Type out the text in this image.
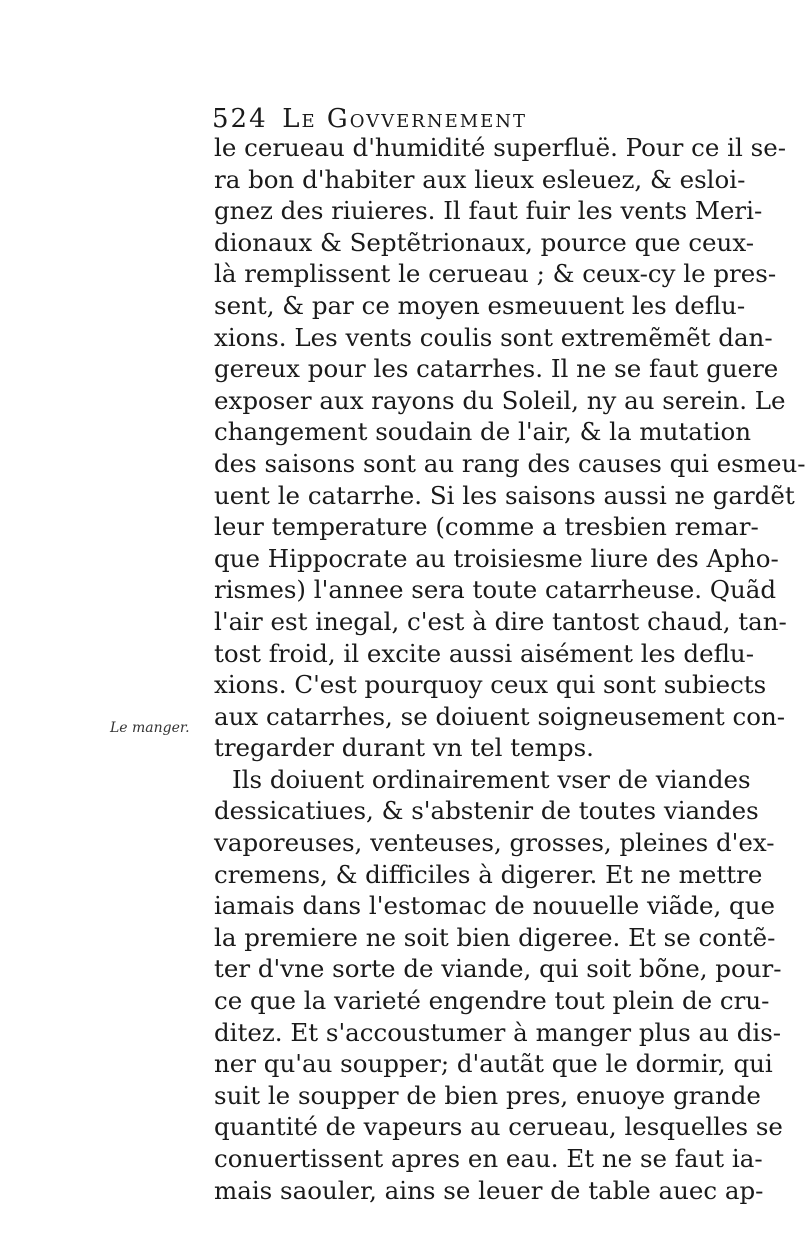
524 Le Govvernement
Le manger.
le cerueau d'humidité superfluë. Pour ce il se-
ra bon d'habiter aux lieux esleuez, & esloi-
gnez des riuieres. Il faut fuir les vents Meri-
dionaux & Septẽtrionaux, pource que ceux-
là remplissent le cerueau ; & ceux-cy le pres-
sent, & par ce moyen esmeuuent les deflu-
xions. Les vents coulis sont extremẽmẽt dan-
gereux pour les catarrhes. Il ne se faut guere
exposer aux rayons du Soleil, ny au serein. Le
changement soudain de l'air, & la mutation
des saisons sont au rang des causes qui esmeu-
uent le catarrhe. Si les saisons aussi ne gardẽt
leur temperature (comme a tresbien remar-
que Hippocrate au troisiesme liure des Apho-
rismes) l'annee sera toute catarrheuse. Quãd
l'air est inegal, c'est à dire tantost chaud, tan-
tost froid, il excite aussi aisément les deflu-
xions. C'est pourquoy ceux qui sont subiects
aux catarrhes, se doiuent soigneusement con-
tregarder durant vn tel temps.
Ils doiuent ordinairement vser de viandes
dessicatiues, & s'abstenir de toutes viandes
vaporeuses, venteuses, grosses, pleines d'ex-
cremens, & difficiles à digerer. Et ne mettre
iamais dans l'estomac de nouuelle viãde, que
la premiere ne soit bien digeree. Et se contẽ-
ter d'vne sorte de viande, qui soit bõne, pour-
ce que la varieté engendre tout plein de cru-
ditez. Et s'accoustumer à manger plus au dis-
ner qu'au soupper; d'autãt que le dormir, qui
suit le soupper de bien pres, enuoye grande
quantité de vapeurs au cerueau, lesquelles se
conuertissent apres en eau. Et ne se faut ia-
mais saouler, ains se leuer de table auec ap-
